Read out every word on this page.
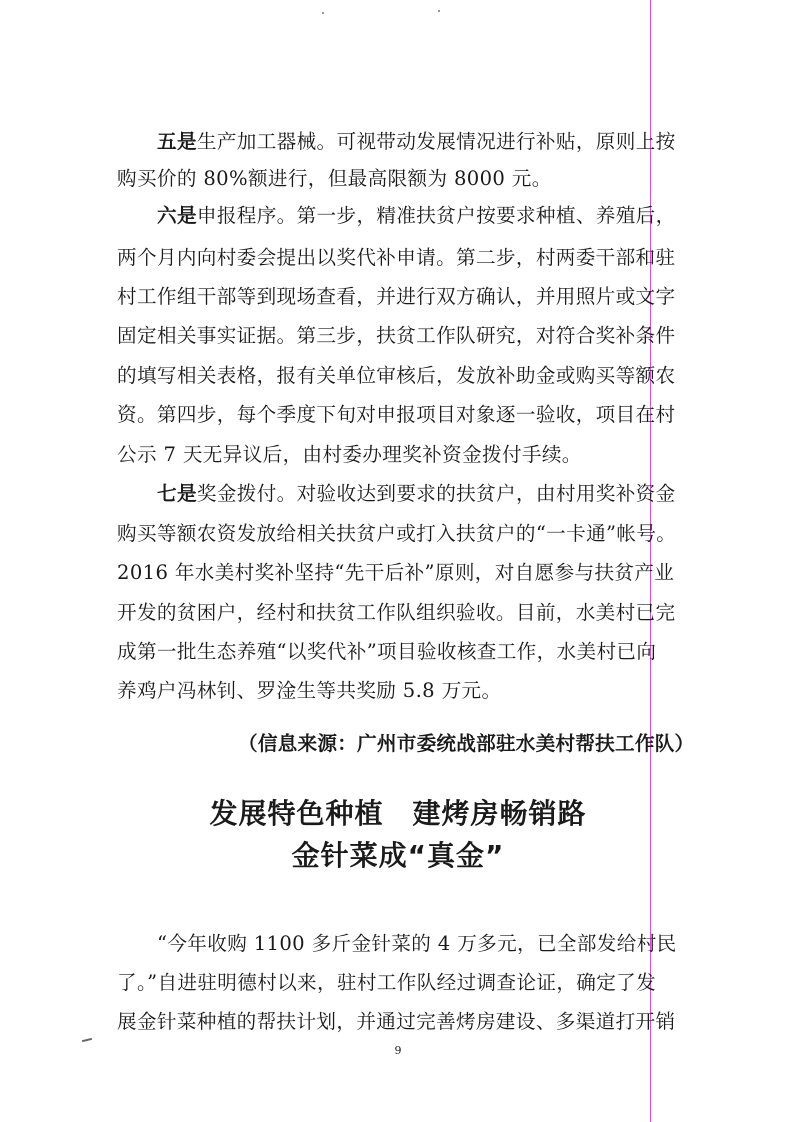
五是生产加工器械。可视带动发展情况进行补贴，原则上按
购买价的 80%额进行，但最高限额为 8000 元。
六是申报程序。第一步，精准扶贫户按要求种植、养殖后，
两个月内向村委会提出以奖代补申请。第二步，村两委干部和驻
村工作组干部等到现场查看，并进行双方确认，并用照片或文字
固定相关事实证据。第三步，扶贫工作队研究，对符合奖补条件
的填写相关表格，报有关单位审核后，发放补助金或购买等额农
资。第四步，每个季度下旬对申报项目对象逐一验收，项目在村
公示 7 天无异议后，由村委办理奖补资金拨付手续。
七是奖金拨付。对验收达到要求的扶贫户，由村用奖补资金
购买等额农资发放给相关扶贫户或打入扶贫户的“一卡通”帐号。
2016 年水美村奖补坚持“先干后补”原则，对自愿参与扶贫产业
开发的贫困户，经村和扶贫工作队组织验收。目前，水美村已完
成第一批生态养殖“以奖代补”项目验收核查工作，水美村已向
养鸡户冯林钊、罗淦生等共奖励 5.8 万元。
（信息来源：广州市委统战部驻水美村帮扶工作队）
发展特色种植　建烤房畅销路
金针菜成“真金”
“今年收购 1100 多斤金针菜的 4 万多元，已全部发给村民
了。”自进驻明德村以来，驻村工作队经过调查论证，确定了发
展金针菜种植的帮扶计划，并通过完善烤房建设、多渠道打开销
9
